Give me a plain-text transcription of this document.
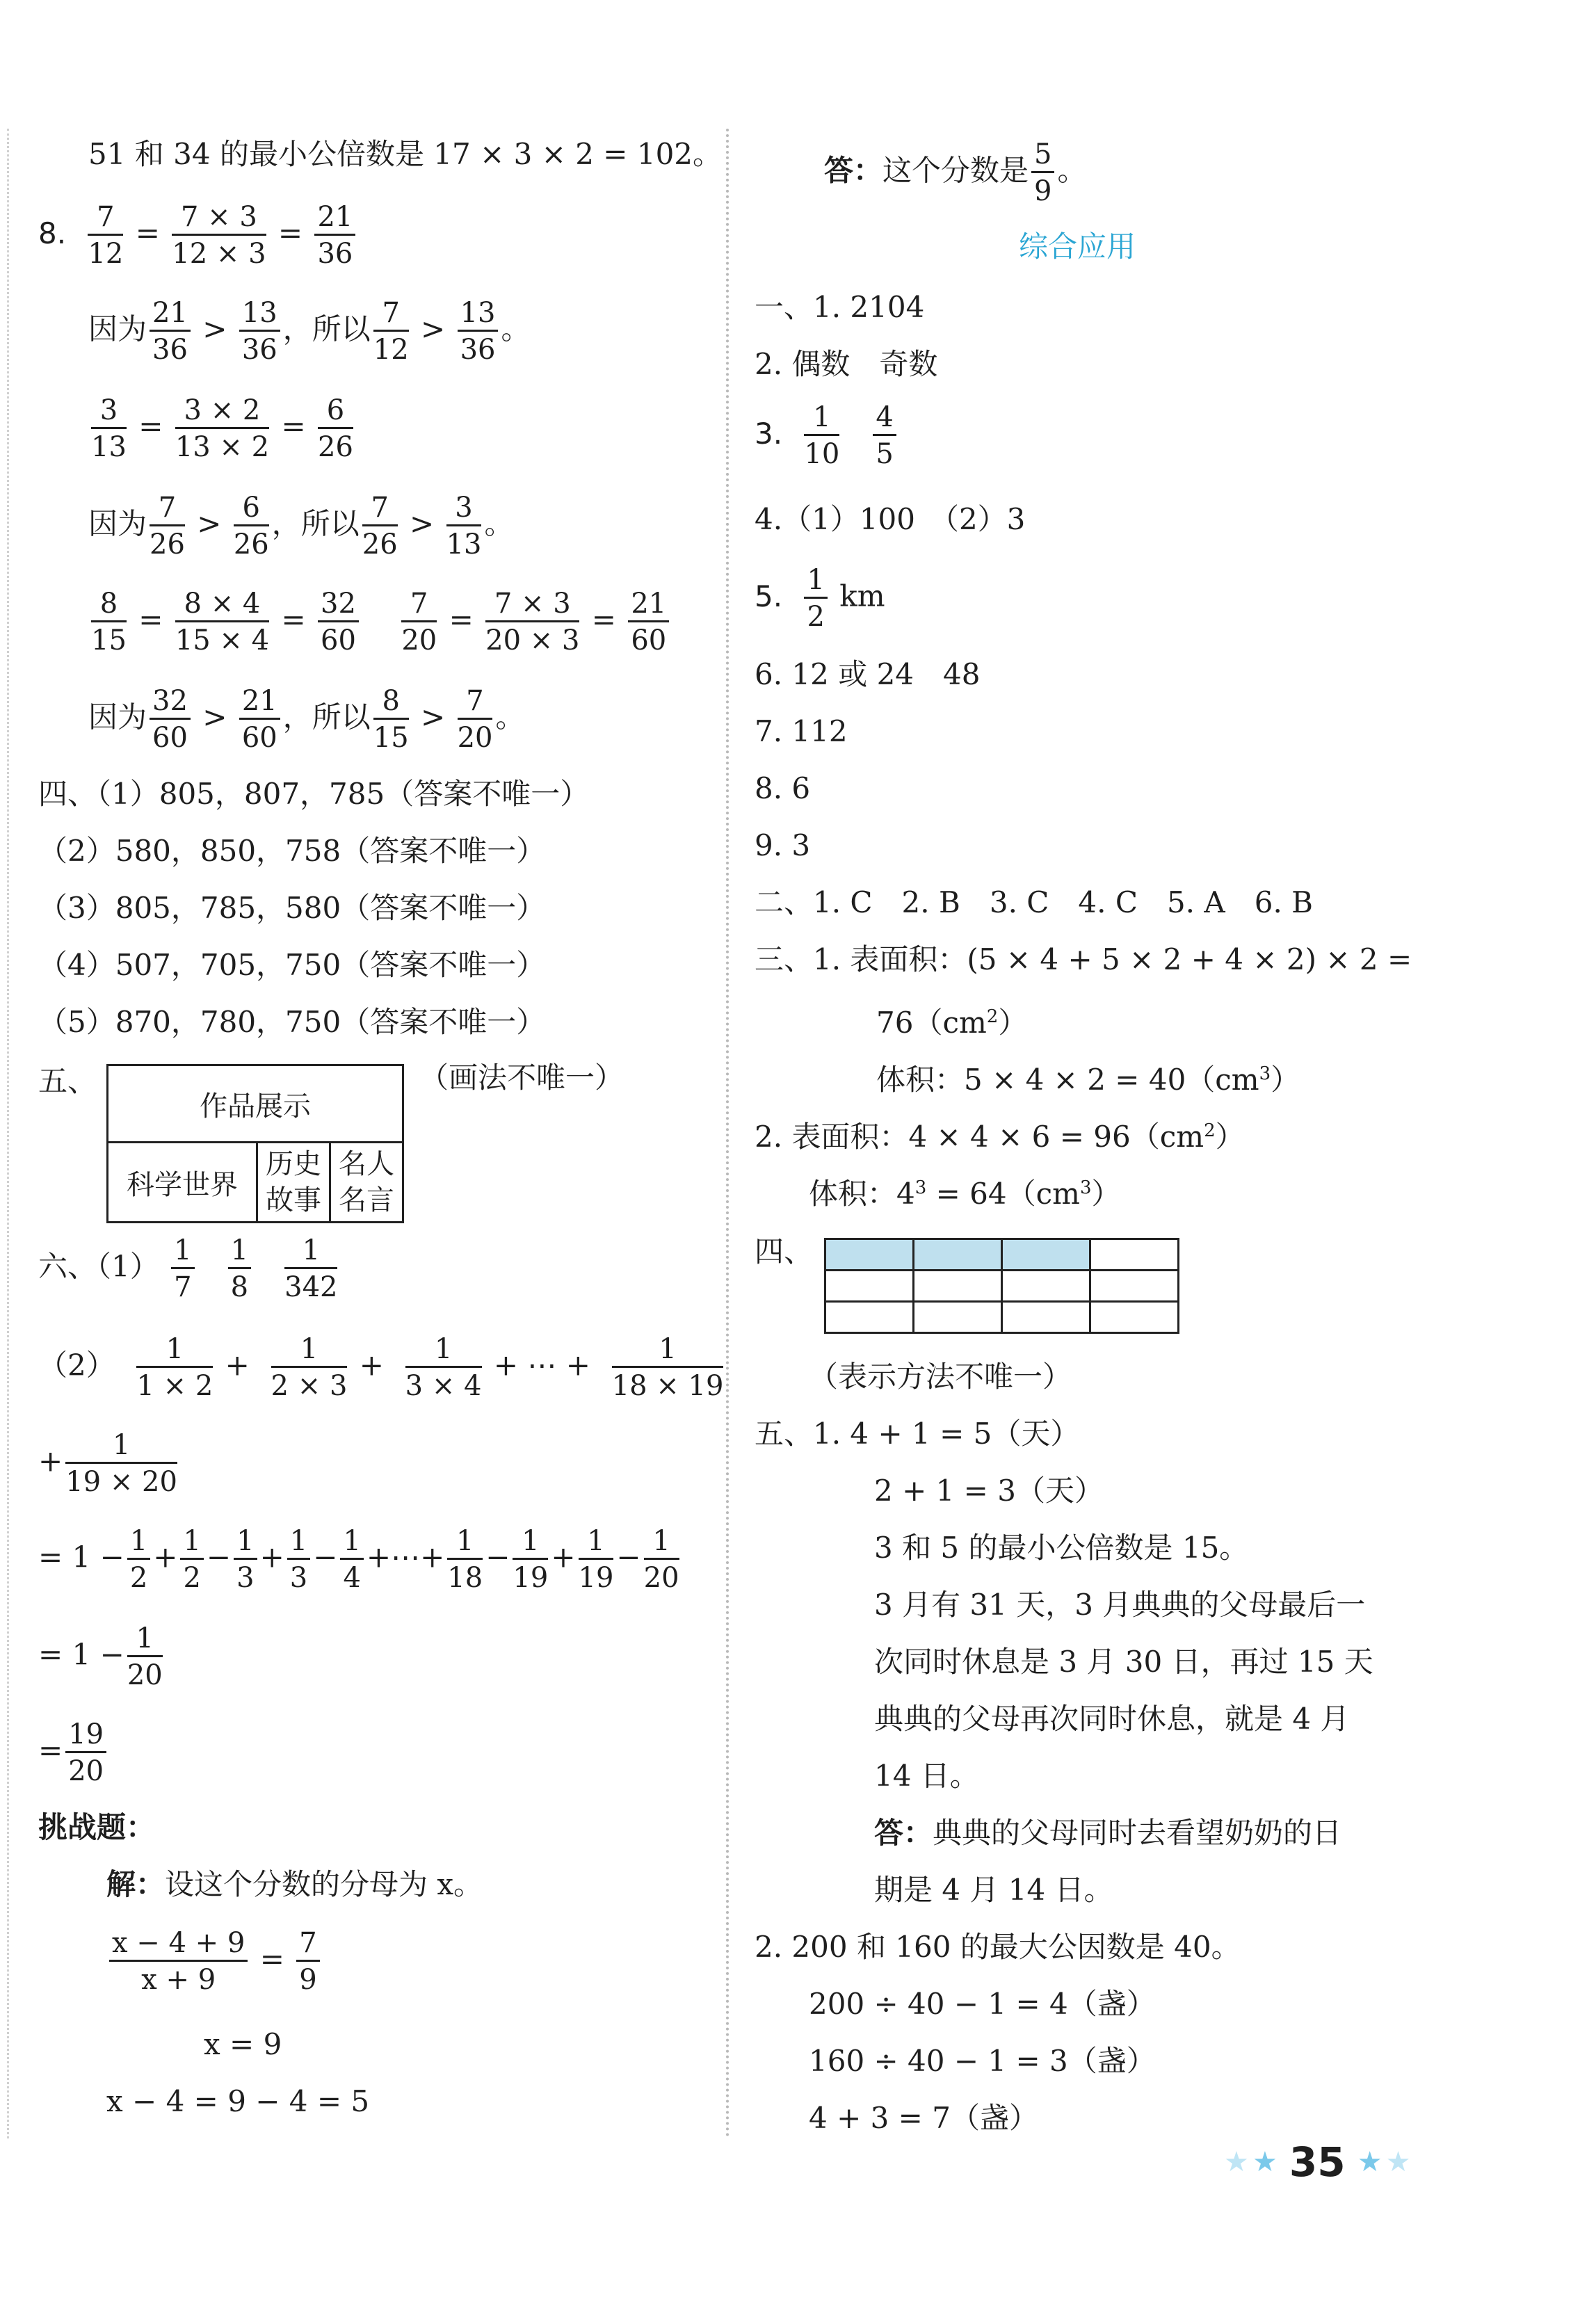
51 和 34 的最小公倍数是 17 × 3 × 2 = 102。
8. $\frac{7}{12} = \frac{7 \times 3}{12 \times 3} = \frac{21}{36}$
因为 $\frac{21}{36} > \frac{13}{36}$ ，所以 $\frac{7}{12} > \frac{13}{36}$ 。
$\frac{3}{13} = \frac{3 \times 2}{13 \times 2} = \frac{6}{26}$
因为 $\frac{7}{26} > \frac{6}{26}$ ，所以 $\frac{7}{26} > \frac{3}{13}$ 。
$\frac{8}{15} = \frac{8 \times 4}{15 \times 4} = \frac{32}{60}$
$\frac{7}{20} = \frac{7 \times 3}{20 \times 3} = \frac{21}{60}$
因为 $\frac{32}{60} > \frac{21}{60}$ ，所以 $\frac{8}{15} > \frac{7}{20}$ 。
四、（1）805，807，785（答案不唯一）
（2）580，850，758（答案不唯一）
（3）805，785，580（答案不唯一）
（4）507，705，750（答案不唯一）
（5）870，780，750（答案不唯一）
五、
作品展示
科学世界	历史故事	名人名言
（画法不唯一）
六、$(1) \frac{1}{7}$
$\frac{1}{8}$
$\frac{1}{342}$
$(2) \frac{1}{1 \times 2} + \frac{1}{2 \times 3} + \frac{1}{3 \times 4}$ + ⋯ + $\frac{1}{18 \times 19}$
+ $\frac{1}{19 \times 20}$
= $1 - \frac{1}{2} + \frac{1}{2} - \frac{1}{3} + \frac{1}{3} - \frac{1}{4}$ +⋯+ $\frac{1}{18} - \frac{1}{19} + \frac{1}{19} - \frac{1}{20}$
= $1 - \frac{1}{20}$
= $\frac{19}{20}$
挑战题：
解：设这个分数的分母为 x。
$\frac{x - 4 + 9}{x + 9} = \frac{7}{9}$
x = 9
x − 4 = 9 − 4 = 5
答：这个分数是 $\frac{5}{9}$ 。
综合应用
一、1. 2104
2. 偶数　奇数
3. $\frac{1}{10}$
$\frac{4}{5}$
4.（1）100　（2）3
5. $\frac{1}{2}$ km
6. 12 或 24　48
7. 112
8. 6
9. 3
二、1. C　2. B　3. C　4. C　5. A　6. B
三、1. 表面积：(5 × 4 + 5 × 2 + 4 × 2) × 2 =
$76(cm^2)$
体积：$5 \times 4 \times 2 = 40(cm^3)$
2. 表面积：$4 \times 4 \times 6 = 96(cm^2)$
体积：$4^3 = 64(cm^3)$
四、

（表示方法不唯一）
五、1. 4 + 1 = 5（天）
2 + 1 = 3（天）
3 和 5 的最小公倍数是 15。
3 月有 31 天，3 月典典的父母最后一
次同时休息是 3 月 30 日，再过 15 天
典典的父母再次同时休息，就是 4 月
14 日。
答：典典的父母同时去看望奶奶的日
期是 4 月 14 日。
2. 200 和 160 的最大公因数是 40。
200 ÷ 40 − 1 = 4（盏）
160 ÷ 40 − 1 = 3（盏）
4 + 3 = 7（盏）
★ ★ 35 ★ ★
